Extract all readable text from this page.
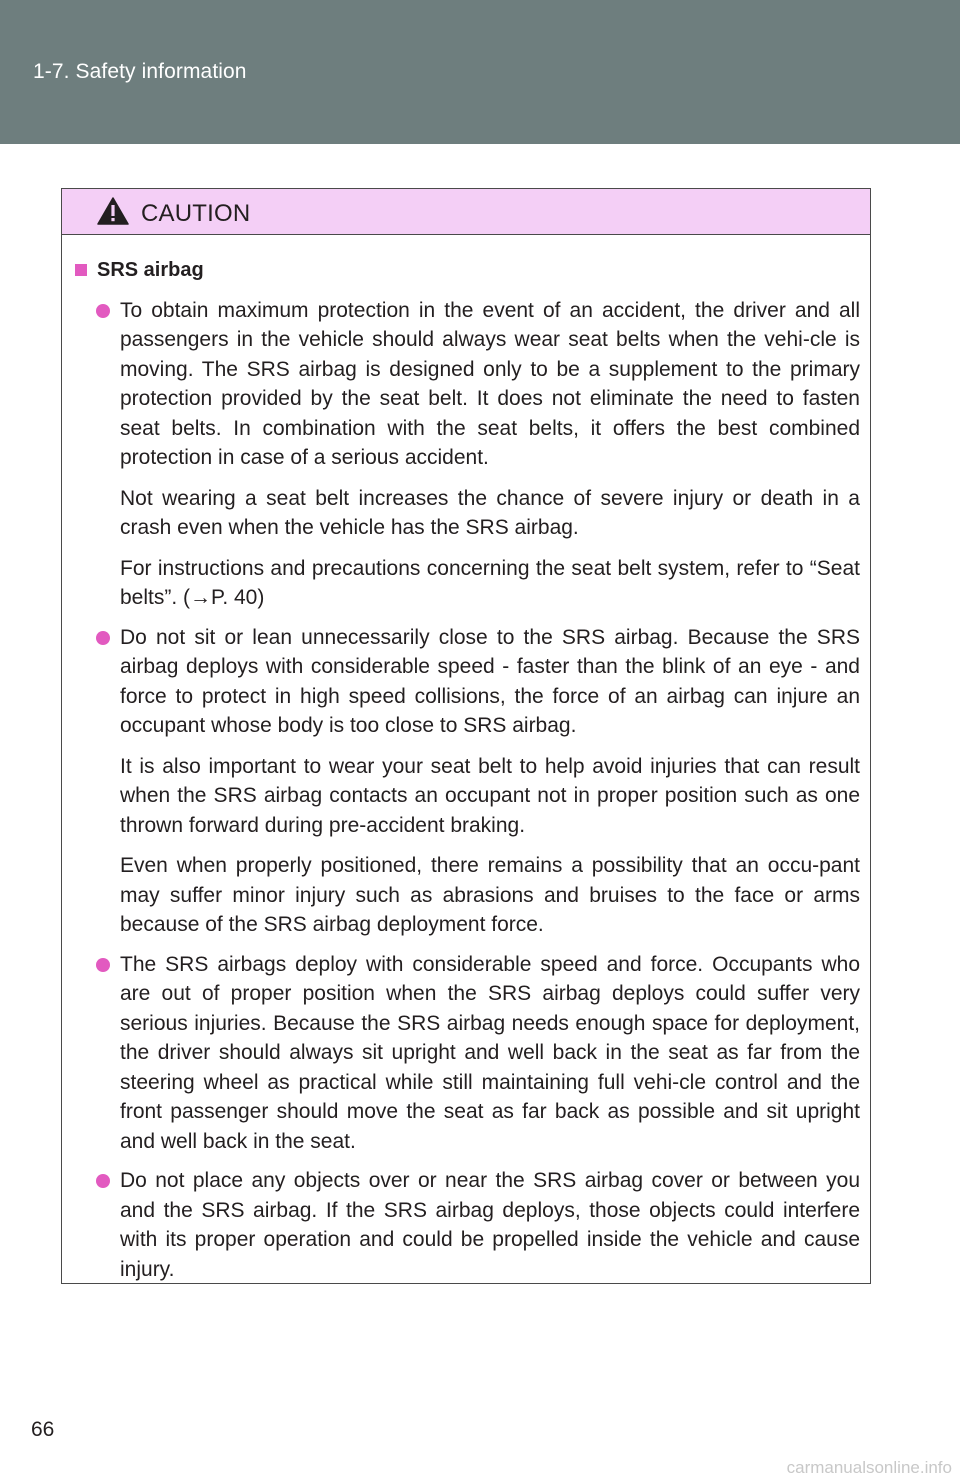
1-7. Safety information
CAUTION
SRS airbag

To obtain maximum protection in the event of an accident, the driver and all passengers in the vehicle should always wear seat belts when the vehi-cle is moving. The SRS airbag is designed only to be a supplement to the primary protection provided by the seat belt. It does not eliminate the need to fasten seat belts. In combination with the seat belts, it offers the best combined protection in case of a serious accident.

Not wearing a seat belt increases the chance of severe injury or death in a crash even when the vehicle has the SRS airbag.

For instructions and precautions concerning the seat belt system, refer to “Seat belts”. (→P. 40)

Do not sit or lean unnecessarily close to the SRS airbag. Because the SRS airbag deploys with considerable speed - faster than the blink of an eye - and force to protect in high speed collisions, the force of an airbag can injure an occupant whose body is too close to SRS airbag.

It is also important to wear your seat belt to help avoid injuries that can result when the SRS airbag contacts an occupant not in proper position such as one thrown forward during pre-accident braking.

Even when properly positioned, there remains a possibility that an occu-pant may suffer minor injury such as abrasions and bruises to the face or arms because of the SRS airbag deployment force.

The SRS airbags deploy with considerable speed and force. Occupants who are out of proper position when the SRS airbag deploys could suffer very serious injuries. Because the SRS airbag needs enough space for deployment, the driver should always sit upright and well back in the seat as far from the steering wheel as practical while still maintaining full vehi-cle control and the front passenger should move the seat as far back as possible and sit upright and well back in the seat.

Do not place any objects over or near the SRS airbag cover or between you and the SRS airbag. If the SRS airbag deploys, those objects could interfere with its proper operation and could be propelled inside the vehicle and cause injury.

66
carmanualsonline.info
